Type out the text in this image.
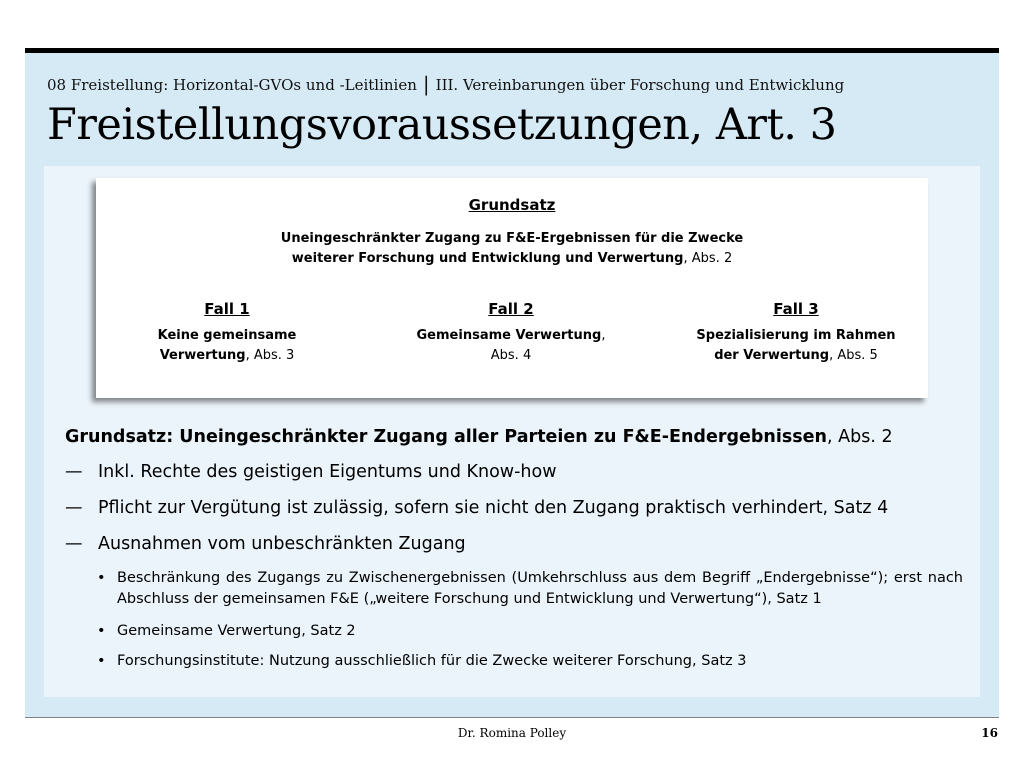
08 Freistellung: Horizontal-GVOs und -Leitlinien | III. Vereinbarungen über Forschung und Entwicklung
Freistellungsvoraussetzungen, Art. 3
Grundsatz
Uneingeschränkter Zugang zu F&E-Ergebnissen für die Zwecke
weiterer Forschung und Entwicklung und Verwertung, Abs. 2
Fall 1
Keine gemeinsame
Verwertung, Abs. 3
Fall 2
Gemeinsame Verwertung,
Abs. 4
Fall 3
Spezialisierung im Rahmen
der Verwertung, Abs. 5
Grundsatz: Uneingeschränkter Zugang aller Parteien zu F&E-Endergebnissen, Abs. 2
— Inkl. Rechte des geistigen Eigentums und Know-how
— Pflicht zur Vergütung ist zulässig, sofern sie nicht den Zugang praktisch verhindert, Satz 4
— Ausnahmen vom unbeschränkten Zugang
• Beschränkung des Zugangs zu Zwischenergebnissen (Umkehrschluss aus dem Begriff „Endergebnisse“); erst nach Abschluss der gemeinsamen F&E („weitere Forschung und Entwicklung und Verwertung“), Satz 1
• Gemeinsame Verwertung, Satz 2
• Forschungsinstitute: Nutzung ausschließlich für die Zwecke weiterer Forschung, Satz 3
Dr. Romina Polley	16
